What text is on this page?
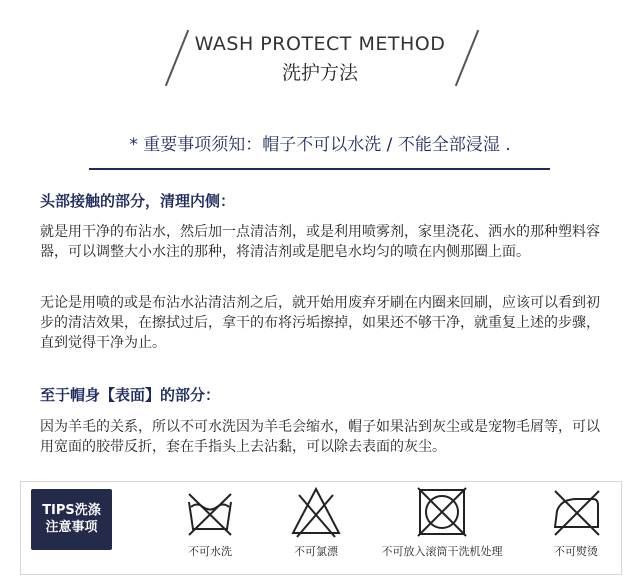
WASH PROTECT METHOD
洗护方法
* 重要事项须知：帽子不可以水洗 / 不能全部浸湿 .
头部接触的部分，清理内侧：
就是用干净的布沾水，然后加一点清洁剂，或是利用喷雾剂，家里浇花、洒水的那种塑料容器，可以调整大小水注的那种，将清洁剂或是肥皂水均匀的喷在内侧那圈上面。
无论是用喷的或是布沾水沾清洁剂之后，就开始用废弃牙刷在内圈来回刷，应该可以看到初步的清洁效果，在擦拭过后，拿干的布将污垢擦掉，如果还不够干净，就重复上述的步骤，直到觉得干净为止。
至于帽身【表面】的部分：
因为羊毛的关系，所以不可水洗因为羊毛会缩水，帽子如果沾到灰尘或是宠物毛屑等，可以用宽面的胶带反折，套在手指头上去沾黏，可以除去表面的灰尘。
TIPS洗涤
注意事项
不可水洗	不可氯漂	不可放入滚筒干洗机处理	不可熨烫
